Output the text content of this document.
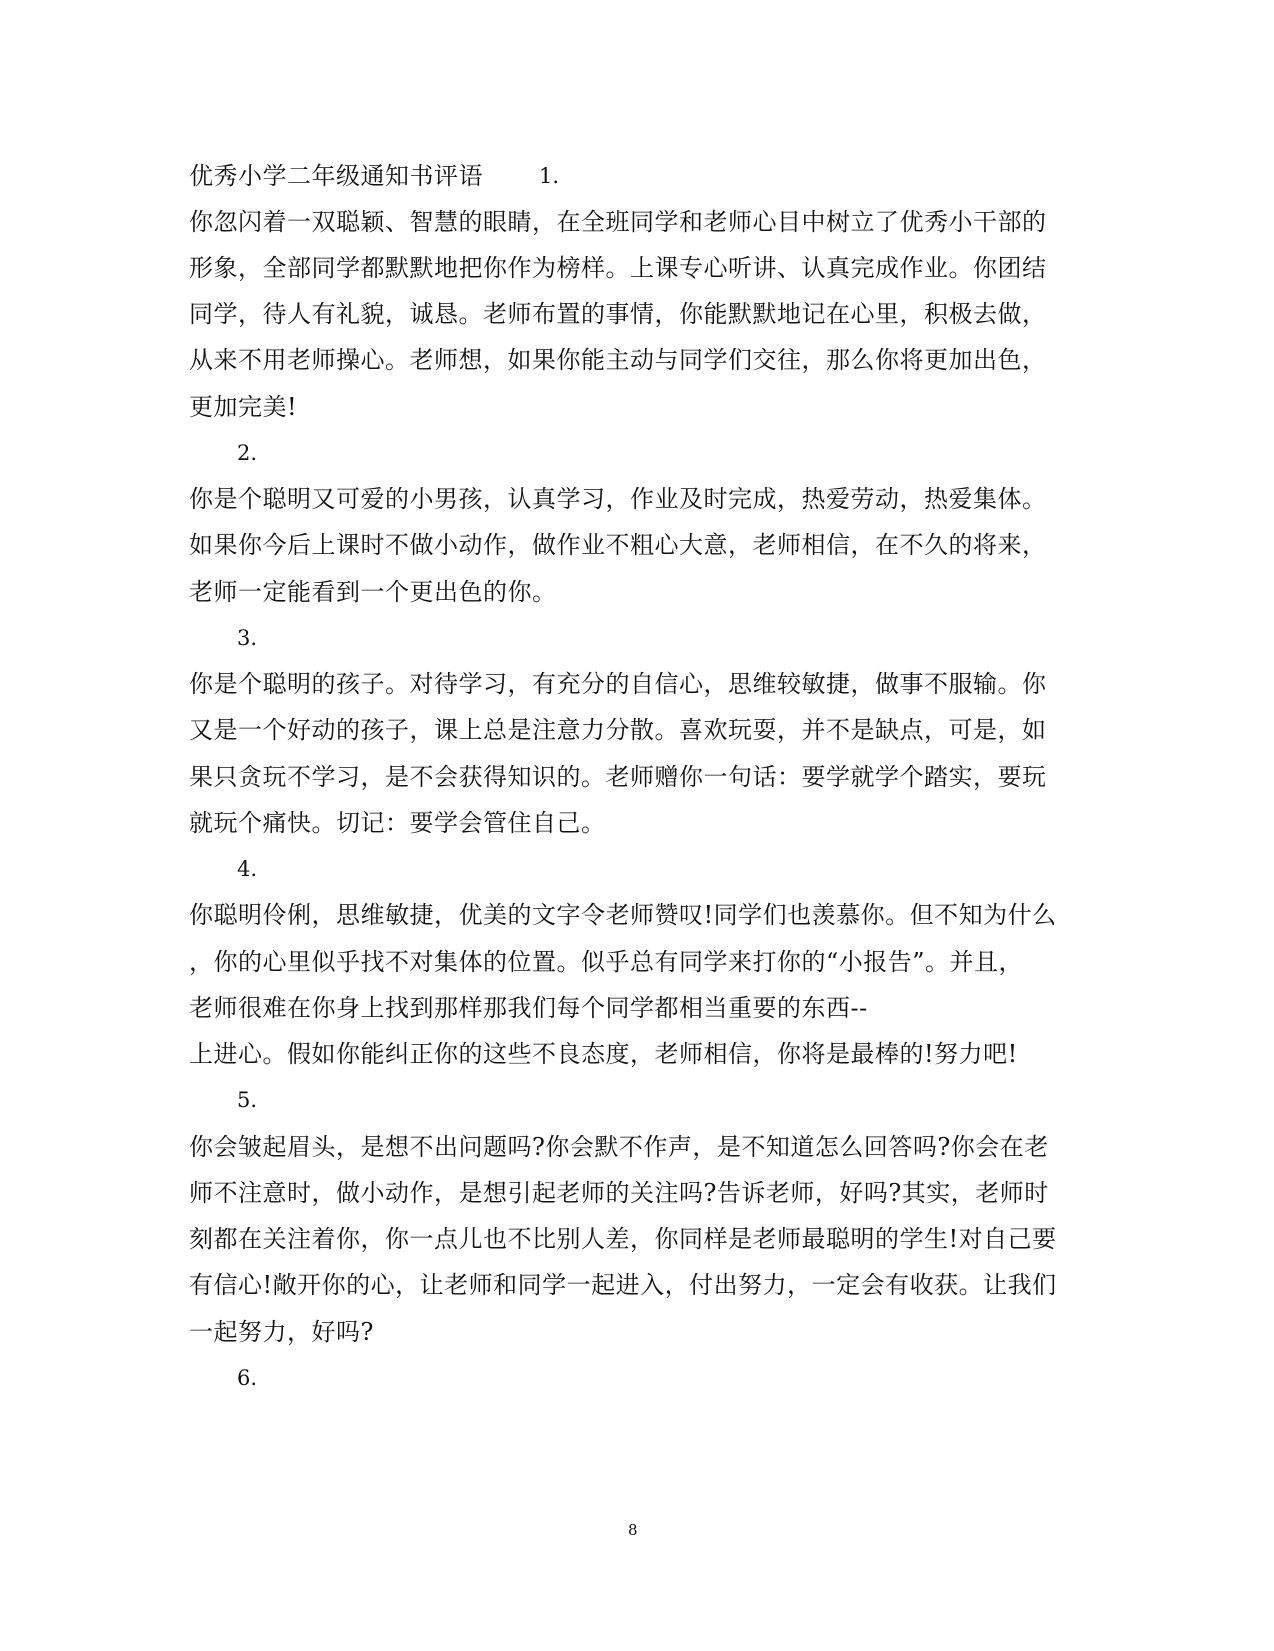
优秀小学二年级通知书评语	1.
你忽闪着一双聪颖、智慧的眼睛，在全班同学和老师心目中树立了优秀小干部的
形象，全部同学都默默地把你作为榜样。上课专心听讲、认真完成作业。你团结
同学，待人有礼貌，诚恳。老师布置的事情，你能默默地记在心里，积极去做，
从来不用老师操心。老师想，如果你能主动与同学们交往，那么你将更加出色，
更加完美!
2.
你是个聪明又可爱的小男孩，认真学习，作业及时完成，热爱劳动，热爱集体。
如果你今后上课时不做小动作，做作业不粗心大意，老师相信，在不久的将来，
老师一定能看到一个更出色的你。
3.
你是个聪明的孩子。对待学习，有充分的自信心，思维较敏捷，做事不服输。你
又是一个好动的孩子，课上总是注意力分散。喜欢玩耍，并不是缺点，可是，如
果只贪玩不学习，是不会获得知识的。老师赠你一句话：要学就学个踏实，要玩
就玩个痛快。切记：要学会管住自己。
4.
你聪明伶俐，思维敏捷，优美的文字令老师赞叹!同学们也羡慕你。但不知为什么
，你的心里似乎找不对集体的位置。似乎总有同学来打你的“小报告”。并且，
老师很难在你身上找到那样那我们每个同学都相当重要的东西--
上进心。假如你能纠正你的这些不良态度，老师相信，你将是最棒的!努力吧!
5.
你会皱起眉头，是想不出问题吗?你会默不作声，是不知道怎么回答吗?你会在老
师不注意时，做小动作，是想引起老师的关注吗?告诉老师，好吗?其实，老师时
刻都在关注着你，你一点儿也不比别人差，你同样是老师最聪明的学生!对自己要
有信心!敞开你的心，让老师和同学一起进入，付出努力，一定会有收获。让我们
一起努力，好吗?
6.
8
